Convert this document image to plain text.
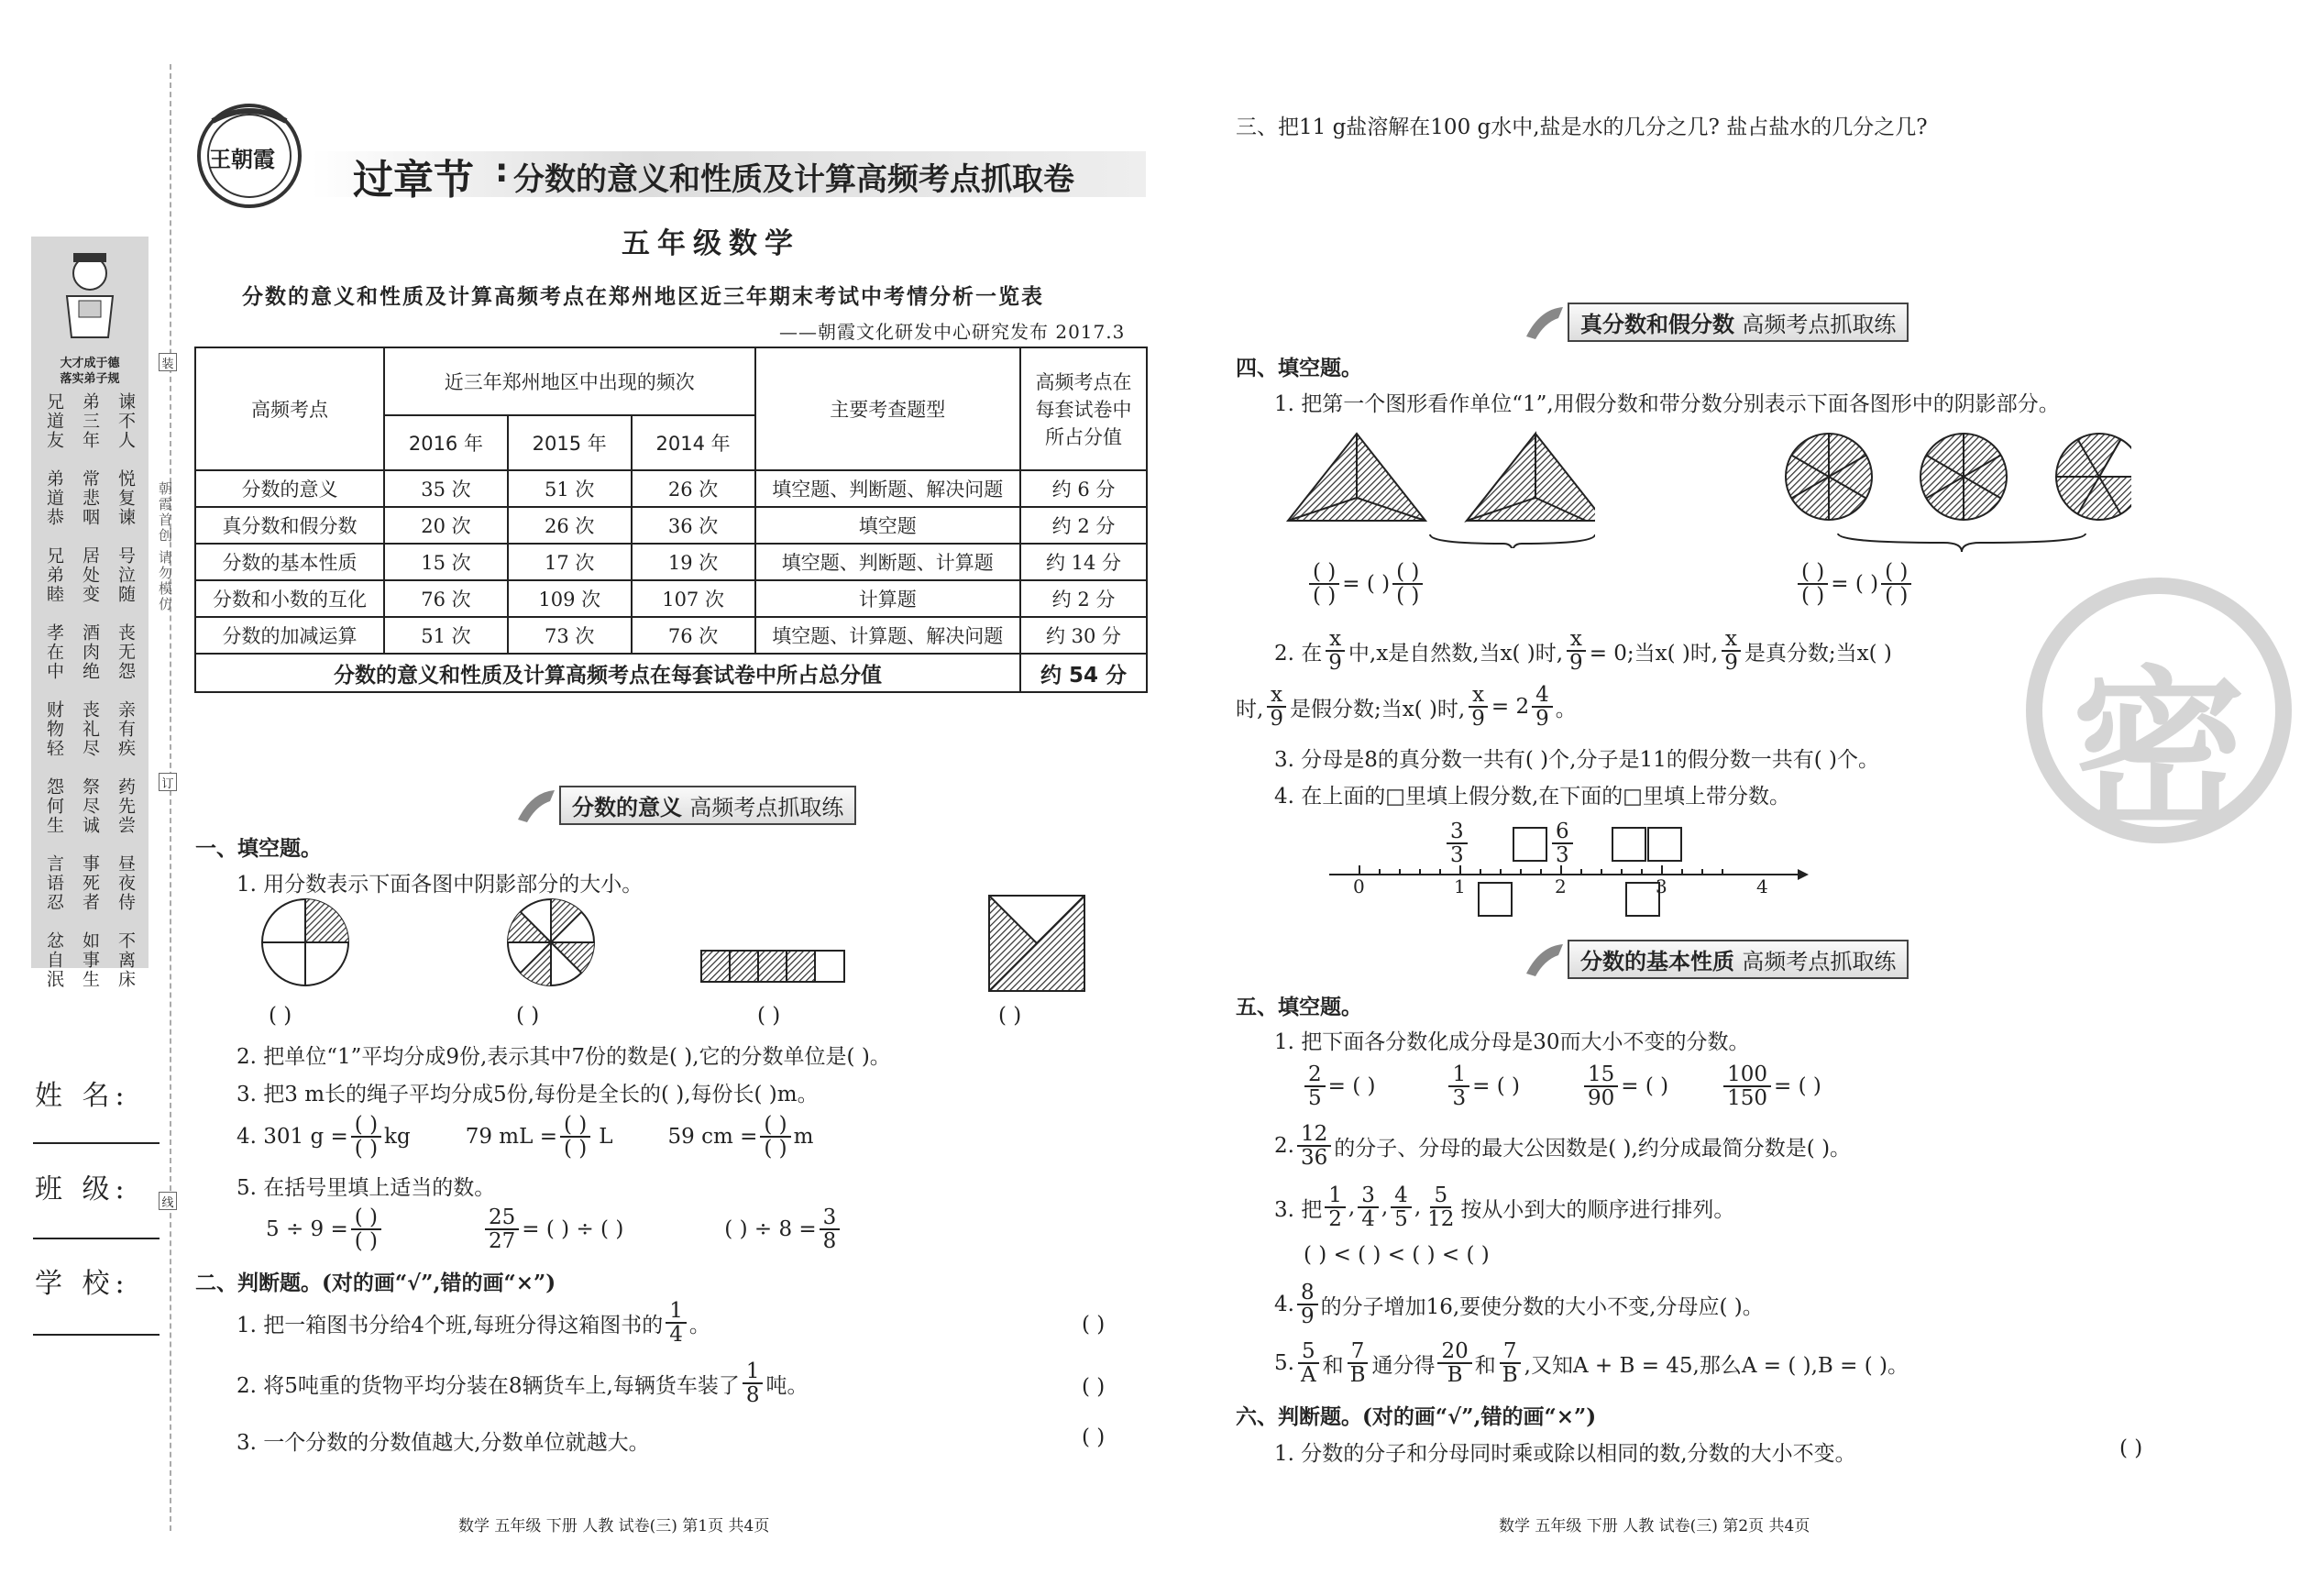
大才成于德
落实弟子规
兄道友 弟三年 谏不人
弟道恭 常悲咽 悦复谏
兄弟睦 居处变 号泣随
孝在中 酒肉绝 丧无怨
财物轻 丧礼尽 亲有疾
怨何生 祭尽诚 药先尝
言语忍 事死者 昼夜侍
忿自泯 如事生 不离床
朝霞首创 请勿模仿
装
订
线
姓 名:
班 级:
学 校:
王朝霞 过章节 : 分数的意义和性质及计算高频考点抓取卷
五年级数学
分数的意义和性质及计算高频考点在郑州地区近三年期末考试中考情分析一览表
——朝霞文化研发中心研究发布 2017.3
高频考点	近三年郑州地区中出现的频次			主要考查题型	高频考点在每套试卷中所占分值
	2016 年	2015 年	2014 年		
分数的意义	35 次	51 次	26 次	填空题、判断题、解决问题	约 6 分
真分数和假分数	20 次	26 次	36 次	填空题	约 2 分
分数的基本性质	15 次	17 次	19 次	填空题、判断题、计算题	约 14 分
分数和小数的互化	76 次	109 次	107 次	计算题	约 2 分
分数的加减运算	51 次	73 次	76 次	填空题、计算题、解决问题	约 30 分
分数的意义和性质及计算高频考点在每套试卷中所占总分值					约 54 分
分数的意义 高频考点抓取练
一、填空题。
1. 用分数表示下面各图中阴影部分的大小。
( )	( )	( )	( )
2. 把单位“1”平均分成9份,表示其中7份的数是( ),它的分数单位是( )。
3. 把3 m长的绳子平均分成5份,每份是全长的( ),每份长( )m。
4. 301 g =
( )
( ) kg	79 mL =
( )
( ) L	59 cm =
( )
( ) m
5. 在括号里填上适当的数。
5 ÷ 9 =
( )
( )	$\frac{25}{27}$ = ( ) ÷ ( )	( ) ÷ $8 = \frac{3}{8}$
二、判断题。(对的画“√”,错的画“×”)
1. 把一箱图书分给4个班,每班分得这箱图书的 $\frac{1}{4}$ 。	( )
2. 将5吨重的货物平均分装在8辆货车上,每辆货车装了 $\frac{1}{8}$ 吨。	( )
3. 一个分数的分数值越大,分数单位就越大。	( )
数学 五年级 下册 人教 试卷(三) 第1页 共4页
三、把11 g盐溶解在100 g水中,盐是水的几分之几? 盐占盐水的几分之几?
真分数和假分数 高频考点抓取练
四、填空题。
1. 把第一个图形看作单位“1”,用假分数和带分数分别表示下面各图形中的阴影部分。
( )
( ) = ( )
( )
( )
( )
( ) = ( )
( )
( )
2. 在 $\frac{x}{9}$ 中,x是自然数,当x( )时, $\frac{x}{9} = 0$;当x( )时, $\frac{x}{9}$ 是真分数;当x( )
时, $\frac{x}{9}$ 是假分数;当x( )时, $\frac{x}{9} = 2 \frac{4}{9}$ 。
3. 分母是8的真分数一共有( )个,分子是11的假分数一共有( )个。
4. 在上面的□里填上假分数,在下面的□里填上带分数。
$\frac{3}{3}$	$\frac{6}{3}$
0	1	2	3	4
分数的基本性质 高频考点抓取练
五、填空题。
1. 把下面各分数化成分母是30而大小不变的分数。
$\frac{2}{5}$ = ( )	$\frac{1}{3}$ = ( )	$\frac{15}{90}$ = ( )	$\frac{100}{150}$ = ( )
2. $\frac{12}{36}$ 的分子、分母的最大公因数是( ),约分成最简分数是( )。
3. 把 $\frac{1}{2}$ , $\frac{3}{4}$ , $\frac{4}{5}$ , $\frac{5}{12}$ 按从小到大的顺序进行排列。
( ) < ( ) < ( ) < ( )
4. $\frac{8}{9}$ 的分子增加16,要使分数的大小不变,分母应( )。
5. $\frac{5}{A}$ 和 $\frac{7}{B}$ 通分得 $\frac{20}{B}$ 和 $\frac{7}{B}$ ,又知A + B = 45,那么A = ( ),B = ( )。
六、判断题。(对的画“√”,错的画“×”)
1. 分数的分子和分母同时乘或除以相同的数,分数的大小不变。	( )
数学 五年级 下册 人教 试卷(三) 第2页 共4页
密
